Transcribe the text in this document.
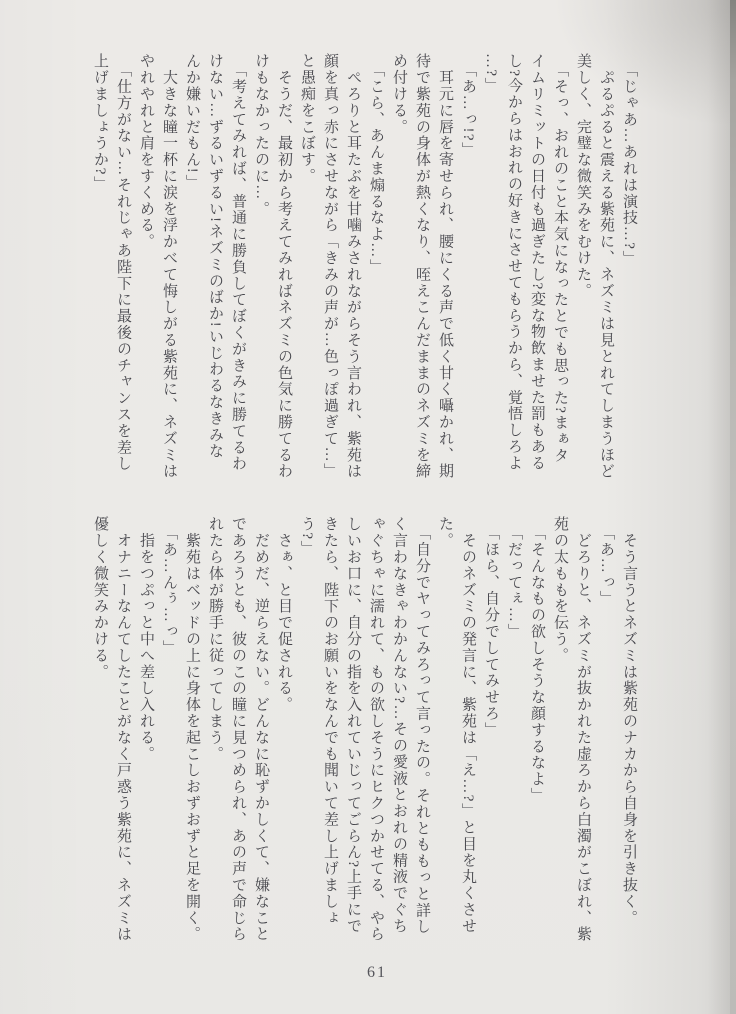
　「じゃあ…あれは演技…?」
　ぷるぷると震える紫苑に、ネズミは見とれてしまうほど
美しく、完璧な微笑みをむけた。
　「そっ、おれのこと本気になったとでも思った?まぁタ
イムリミットの日付も過ぎたし?変な物飲ませた罰もある
し?今からはおれの好きにさせてもらうから、覚悟しろよ
…?」
　「あ…っ!?」
　耳元に唇を寄せられ、腰にくる声で低く甘く囁かれ、期
待で紫苑の身体が熱くなり、咥えこんだままのネズミを締
め付ける。
　「こら、あんま煽るなよ…」
　ぺろりと耳たぶを甘噛みされながらそう言われ、紫苑は
顔を真っ赤にさせながら「きみの声が…色っぽ過ぎて…」
と愚痴をこぼす。
　そうだ、最初から考えてみればネズミの色気に勝てるわ
けもなかったのに…。
　「考えてみれば、普通に勝負してぼくがきみに勝てるわ
けない…ずるいずるい!ネズミのばか!いじわるなきみな
んか嫌いだもん!」
　大きな瞳一杯に涙を浮かべて悔しがる紫苑に、ネズミは
やれやれと肩をすくめる。
　「仕方がない…それじゃあ陛下に最後のチャンスを差し
上げましょうか?」
　そう言うとネズミは紫苑のナカから自身を引き抜く。
　「あ…っ」
　どろりと、ネズミが抜かれた虚ろから白濁がこぼれ、紫
苑の太ももを伝う。
　「そんなもの欲しそうな顔するなよ」
　「だってぇ…」
　「ほら、自分でしてみせろ」
　そのネズミの発言に、紫苑は「え…?」と目を丸くさせ
た。
　「自分でヤってみろって言ったの。それとももっと詳し
く言わなきゃわかんない?…その愛液とおれの精液でぐち
ゃぐちゃに濡れて、もの欲しそうにヒクつかせてる、やら
しいお口に、自分の指を入れていじってごらん?上手にで
きたら、陛下のお願いをなんでも聞いて差し上げましょ
う?」
　さぁ、と目で促される。
　だめだ、逆らえない。どんなに恥ずかしくて、嫌なこと
であろうとも、彼のこの瞳に見つめられ、あの声で命じら
れたら体が勝手に従ってしまう。
　紫苑はベッドの上に身体を起こしおずおずと足を開く。
　「あ…んぅ…っ」
　指をつぷっと中へ差し入れる。
　オナニーなんてしたことがなく戸惑う紫苑に、ネズミは
優しく微笑みかける。
61
